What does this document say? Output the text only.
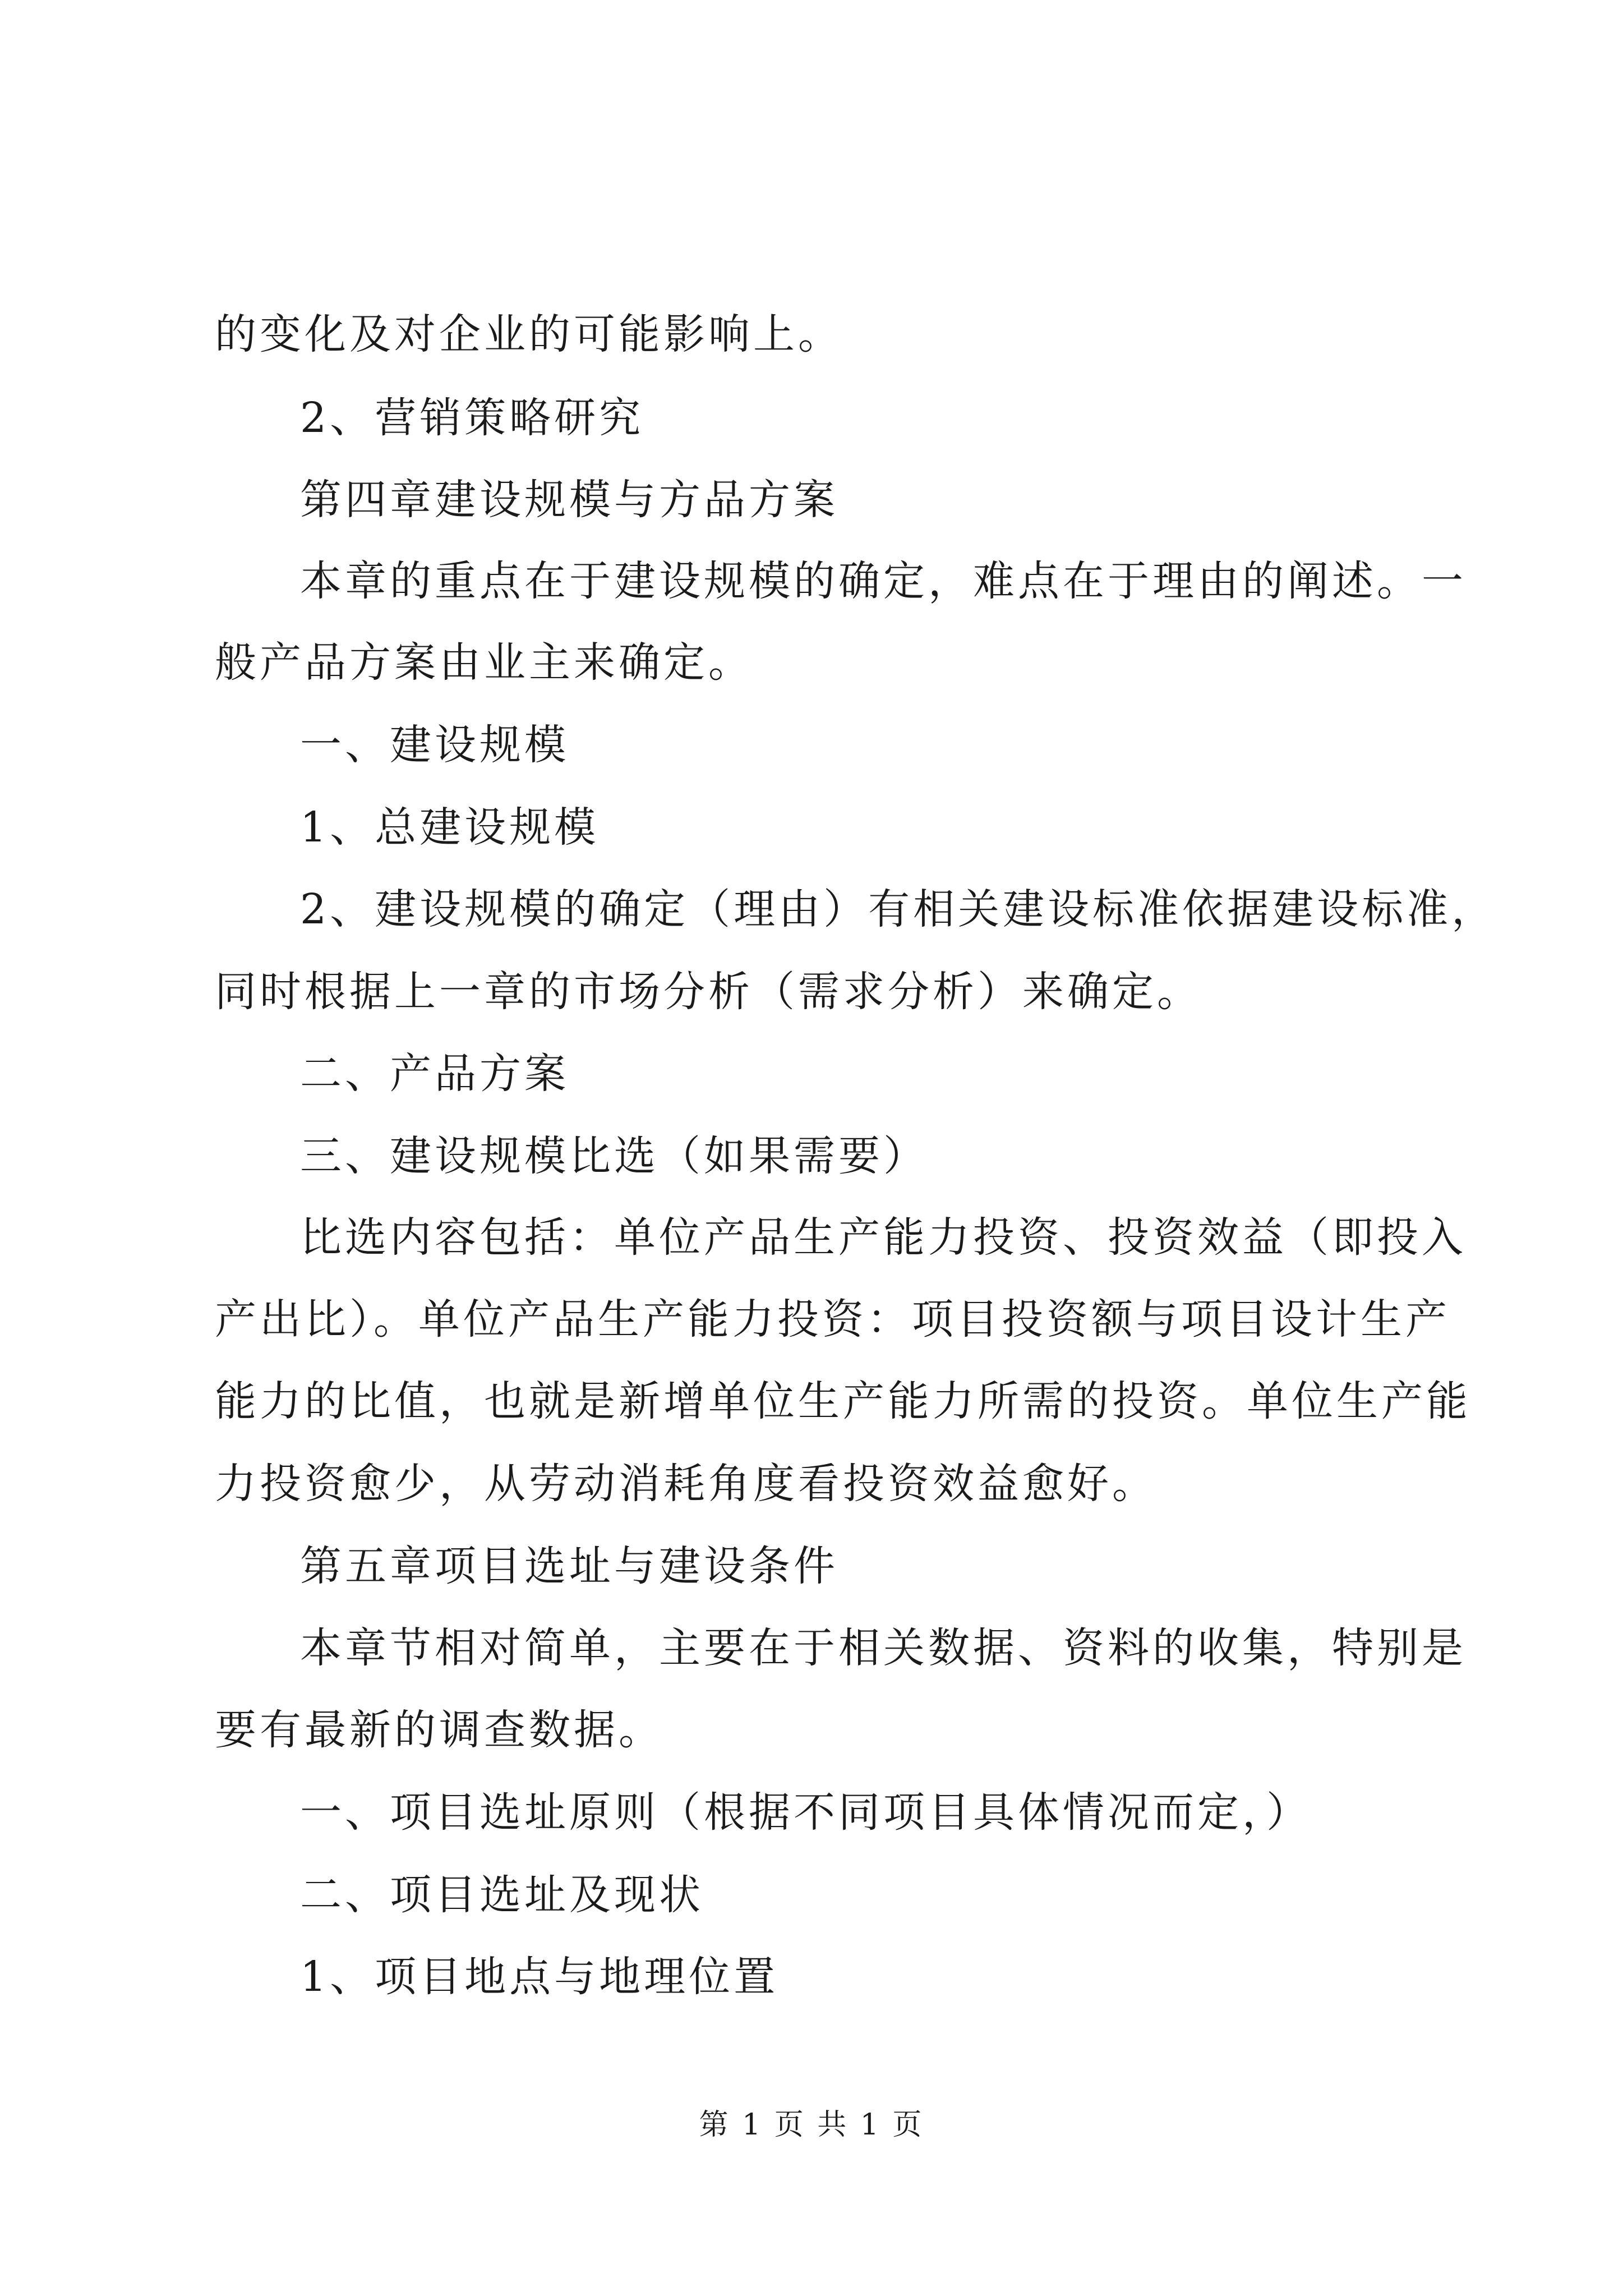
的变化及对企业的可能影响上。
2、营销策略研究
第四章建设规模与方品方案
本章的重点在于建设规模的确定，难点在于理由的阐述。一
般产品方案由业主来确定。
一、建设规模
1、总建设规模
2、建设规模的确定（理由）有相关建设标准依据建设标准，
同时根据上一章的市场分析（需求分析）来确定。
二、产品方案
三、建设规模比选（如果需要）
比选内容包括：单位产品生产能力投资、投资效益（即投入
产出比）。单位产品生产能力投资：项目投资额与项目设计生产
能力的比值，也就是新增单位生产能力所需的投资。单位生产能
力投资愈少，从劳动消耗角度看投资效益愈好。
第五章项目选址与建设条件
本章节相对简单，主要在于相关数据、资料的收集，特别是
要有最新的调查数据。
一、项目选址原则（根据不同项目具体情况而定，）
二、项目选址及现状
1、项目地点与地理位置
第 1 页 共 1 页
